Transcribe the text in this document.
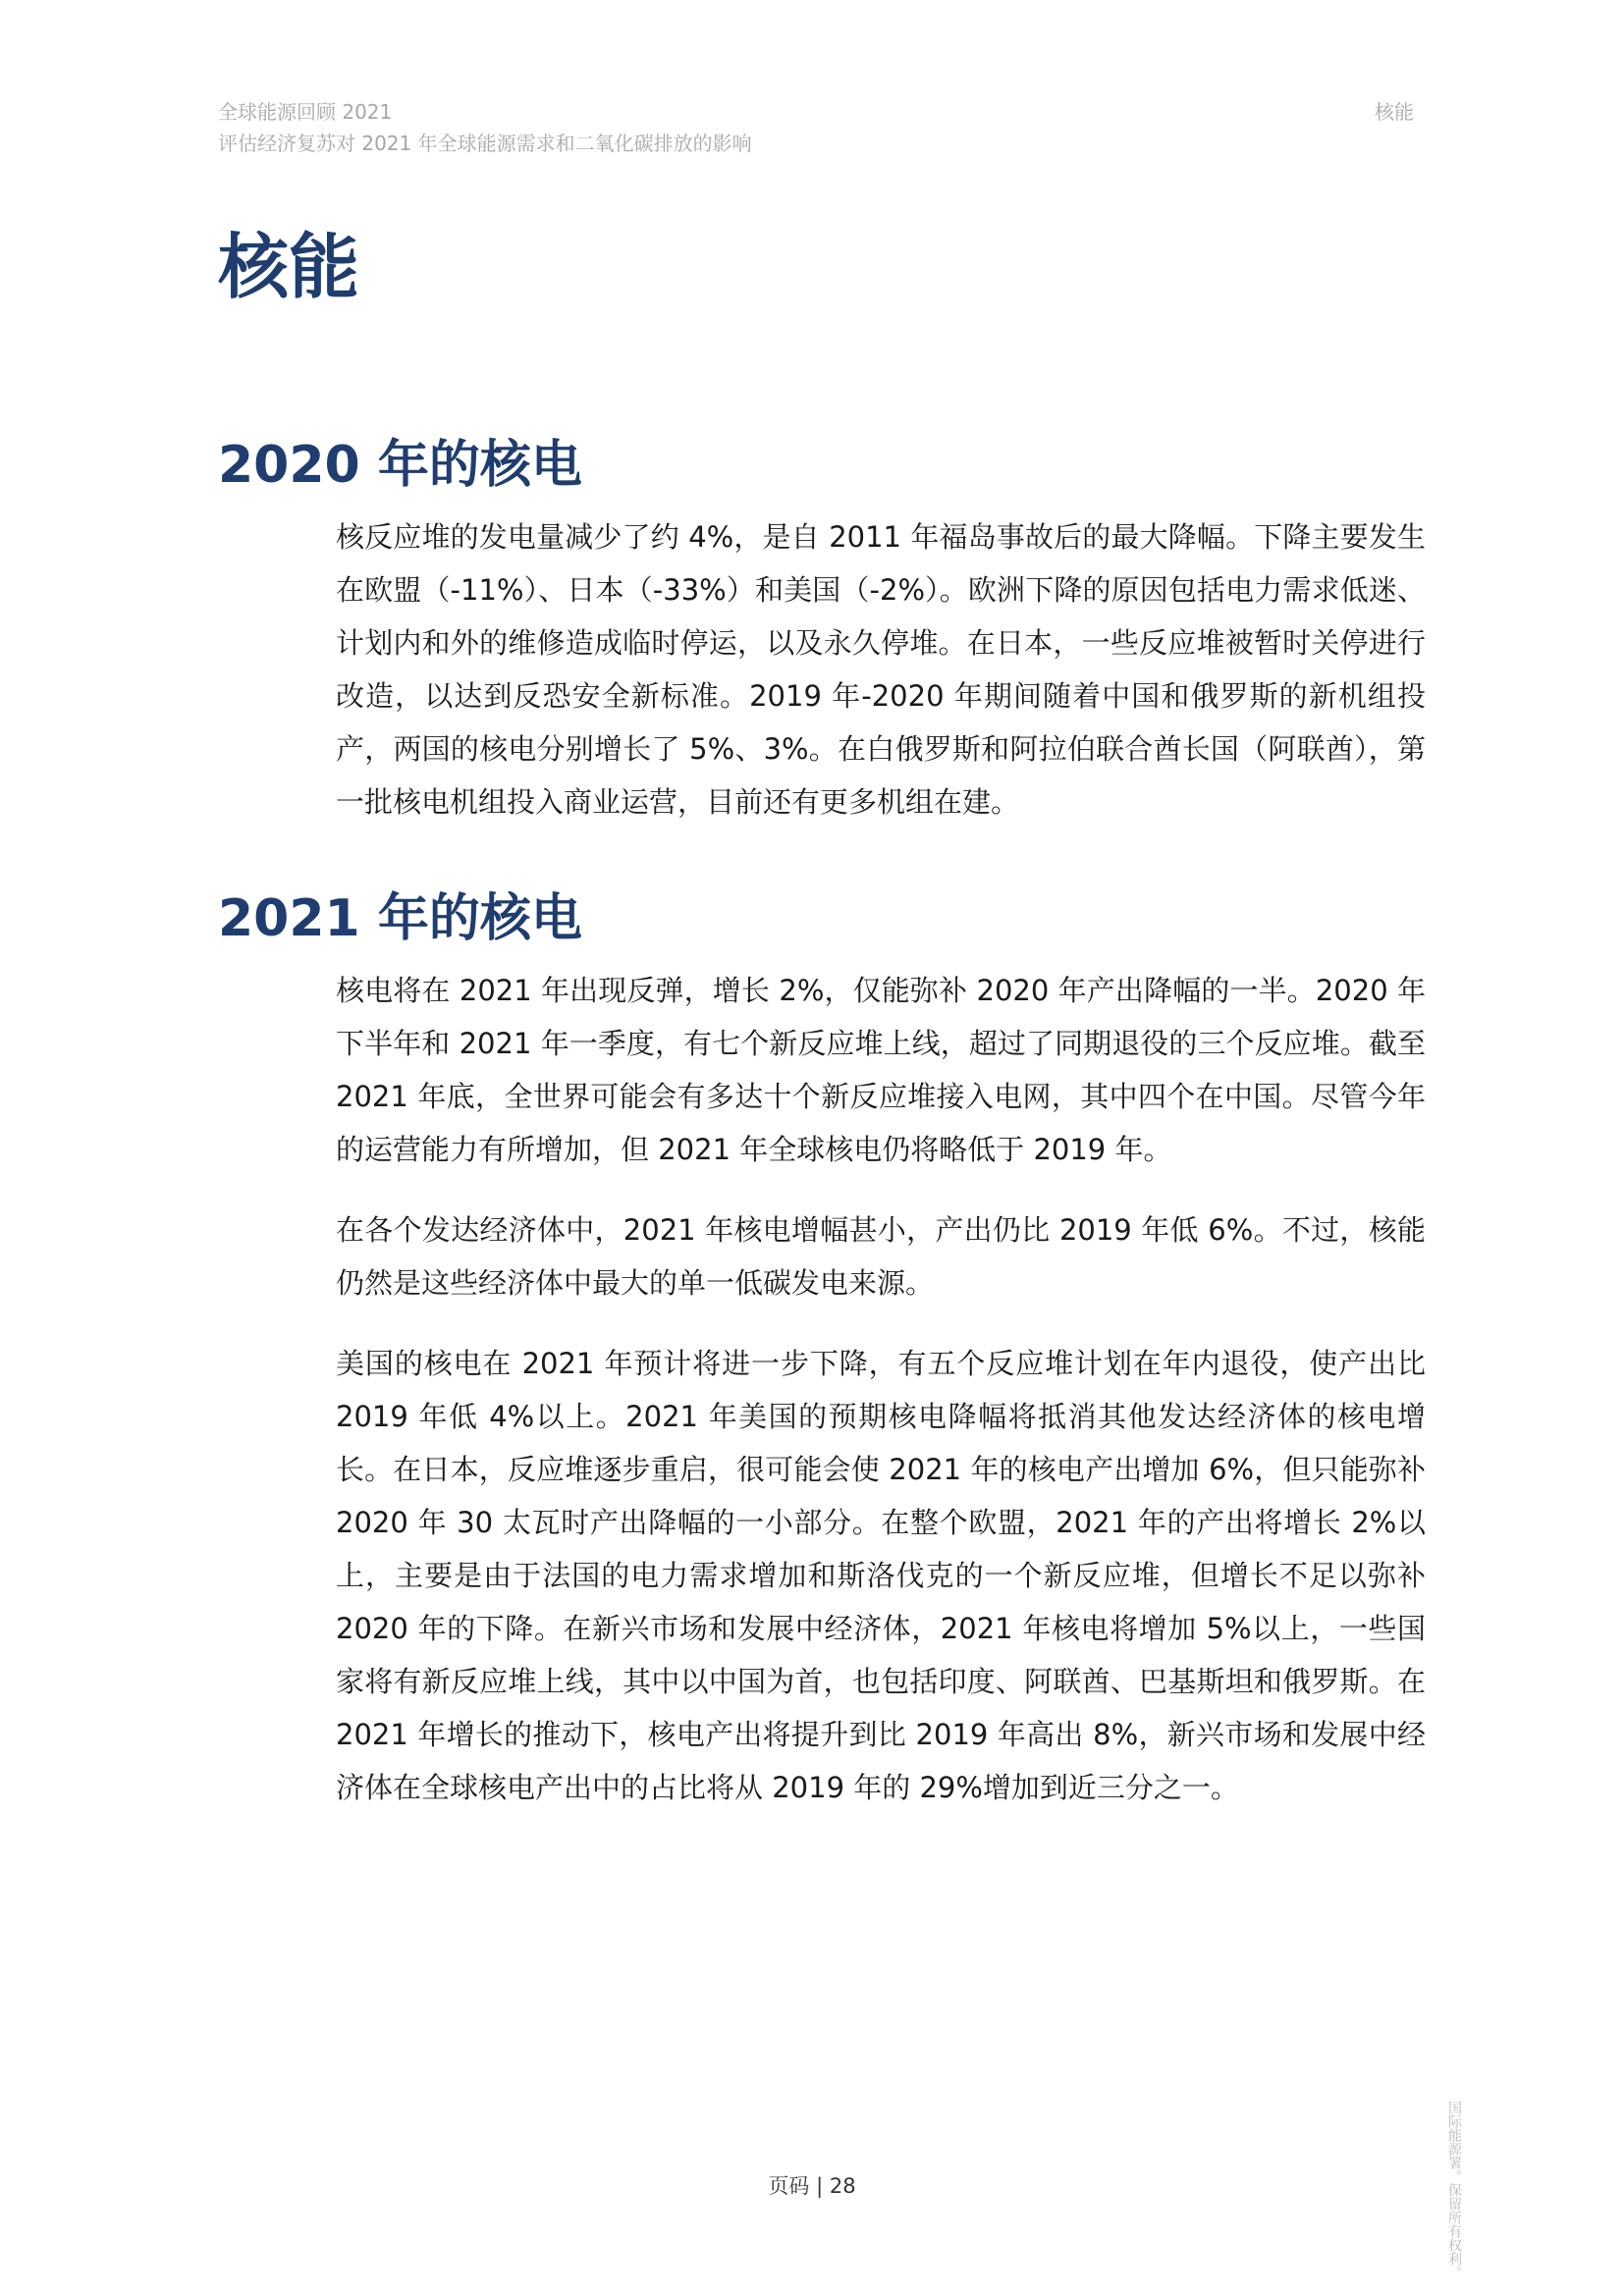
全球能源回顾 2021
评估经济复苏对 2021 年全球能源需求和二氧化碳排放的影响
核能
核能
2020 年的核电

核反应堆的发电量减少了约 4%，是自 2011 年福岛事故后的最大降幅。下降主要发生在欧盟（-11%）、日本（-33%）和美国（-2%）。欧洲下降的原因包括电力需求低迷、计划内和外的维修造成临时停运，以及永久停堆。在日本，一些反应堆被暂时关停进行改造，以达到反恐安全新标准。2019 年-2020 年期间随着中国和俄罗斯的新机组投产，两国的核电分别增长了 5%、3%。在白俄罗斯和阿拉伯联合酋长国（阿联酋），第一批核电机组投入商业运营，目前还有更多机组在建。

2021 年的核电

核电将在 2021 年出现反弹，增长 2%，仅能弥补 2020 年产出降幅的一半。2020 年下半年和 2021 年一季度，有七个新反应堆上线，超过了同期退役的三个反应堆。截至 2021 年底，全世界可能会有多达十个新反应堆接入电网，其中四个在中国。尽管今年的运营能力有所增加，但 2021 年全球核电仍将略低于 2019 年。

在各个发达经济体中，2021 年核电增幅甚小，产出仍比 2019 年低 6%。不过，核能仍然是这些经济体中最大的单一低碳发电来源。

美国的核电在 2021 年预计将进一步下降，有五个反应堆计划在年内退役，使产出比 2019 年低 4%以上。2021 年美国的预期核电降幅将抵消其他发达经济体的核电增长。在日本，反应堆逐步重启，很可能会使 2021 年的核电产出增加 6%，但只能弥补 2020 年 30 太瓦时产出降幅的一小部分。在整个欧盟，2021 年的产出将增长 2%以上，主要是由于法国的电力需求增加和斯洛伐克的一个新反应堆，但增长不足以弥补 2020 年的下降。在新兴市场和发展中经济体，2021 年核电将增加 5%以上，一些国家将有新反应堆上线，其中以中国为首，也包括印度、阿联酋、巴基斯坦和俄罗斯。在 2021 年增长的推动下，核电产出将提升到比 2019 年高出 8%，新兴市场和发展中经济体在全球核电产出中的占比将从 2019 年的 29%增加到近三分之一。

页码 | 28	国际能源署。保留所有权利。
